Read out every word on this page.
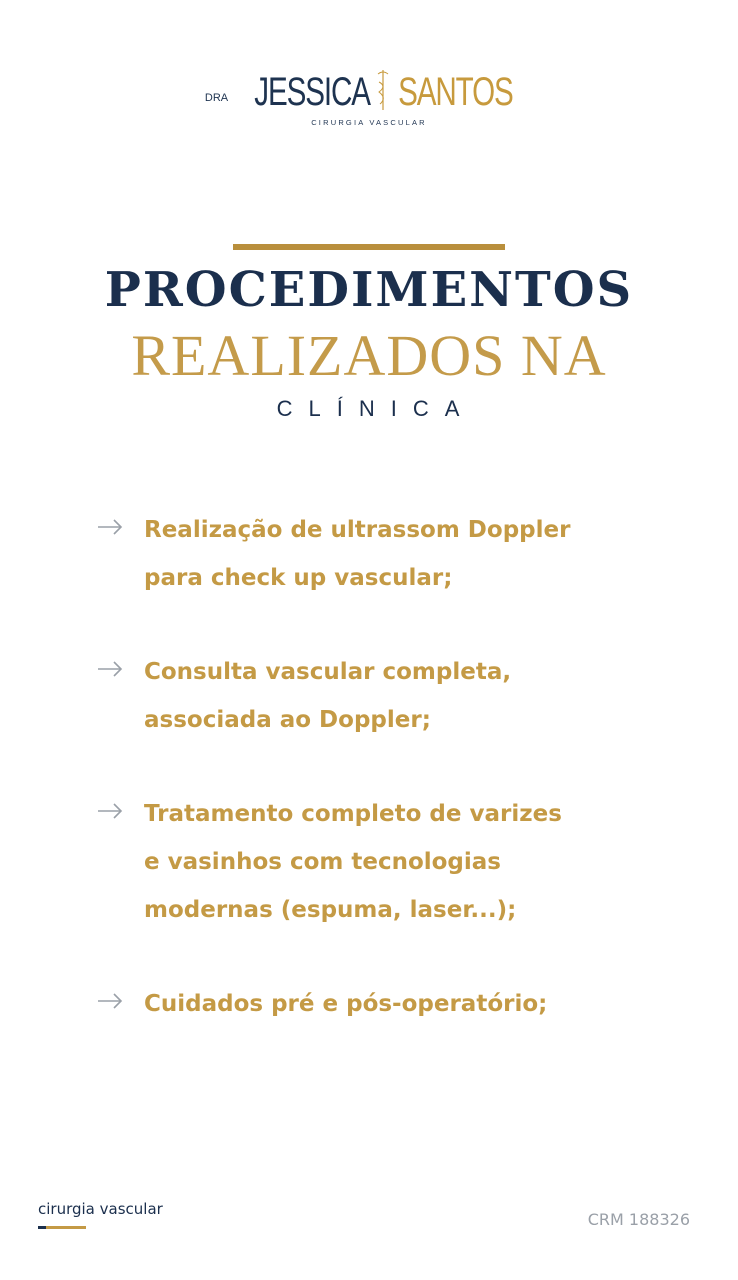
DRA JESSICA SANTOS
CIRURGIA VASCULAR
PROCEDIMENTOS
REALIZADOS NA
CLÍNICA
Realização de ultrassom Doppler
para check up vascular;
Consulta vascular completa,
associada ao Doppler;
Tratamento completo de varizes
e vasinhos com tecnologias
modernas (espuma, laser...);
Cuidados pré e pós-operatório;
cirurgia vascular
CRM 188326
